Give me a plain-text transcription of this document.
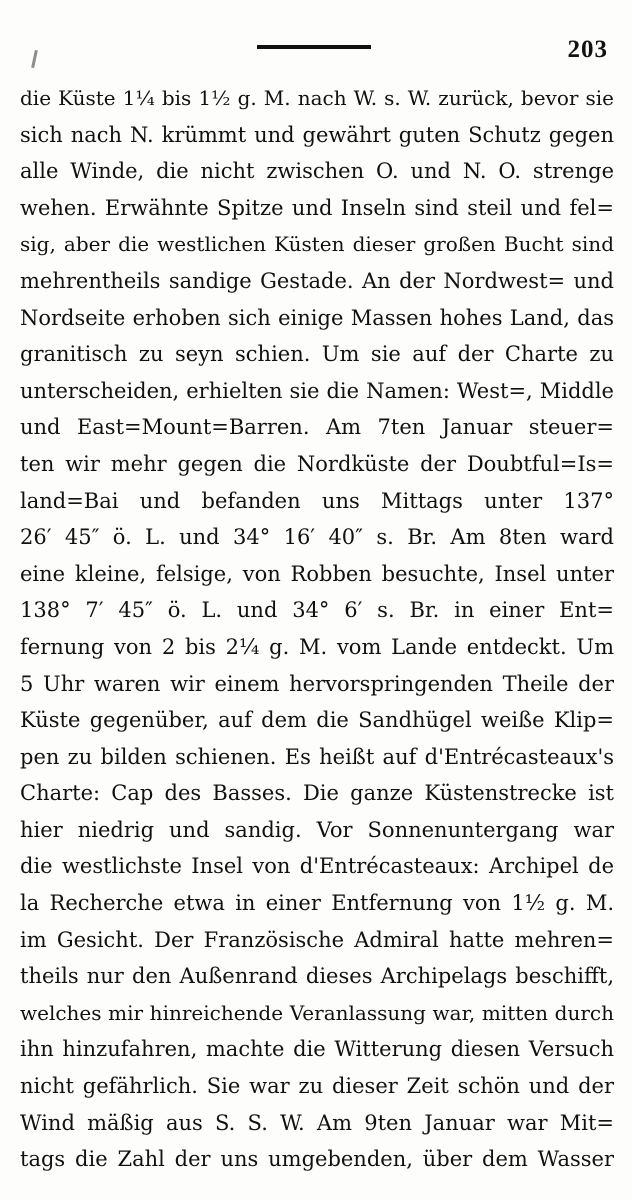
203
die Küste 1¼ bis 1½ g. M. nach W. s. W. zurück, bevor sie
sich nach N. krümmt und gewährt guten Schutz gegen
alle Winde, die nicht zwischen O. und N. O. strenge
wehen. Erwähnte Spitze und Inseln sind steil und fel=
sig, aber die westlichen Küsten dieser großen Bucht sind
mehrentheils sandige Gestade. An der Nordwest= und
Nordseite erhoben sich einige Massen hohes Land, das
granitisch zu seyn schien. Um sie auf der Charte zu
unterscheiden, erhielten sie die Namen: West=, Middle
und East=Mount=Barren. Am 7ten Januar steuer=
ten wir mehr gegen die Nordküste der Doubtful=Is=
land=Bai und befanden uns Mittags unter 137°
26′ 45″ ö. L. und 34° 16′ 40″ s. Br. Am 8ten ward
eine kleine, felsige, von Robben besuchte, Insel unter
138° 7′ 45″ ö. L. und 34° 6′ s. Br. in einer Ent=
fernung von 2 bis 2¼ g. M. vom Lande entdeckt. Um
5 Uhr waren wir einem hervorspringenden Theile der
Küste gegenüber, auf dem die Sandhügel weiße Klip=
pen zu bilden schienen. Es heißt auf d'Entrécasteaux's
Charte: Cap des Basses. Die ganze Küstenstrecke ist
hier niedrig und sandig. Vor Sonnenuntergang war
die westlichste Insel von d'Entrécasteaux: Archipel de
la Recherche etwa in einer Entfernung von 1½ g. M.
im Gesicht. Der Französische Admiral hatte mehren=
theils nur den Außenrand dieses Archipelags beschifft,
welches mir hinreichende Veranlassung war, mitten durch
ihn hinzufahren, machte die Witterung diesen Versuch
nicht gefährlich. Sie war zu dieser Zeit schön und der
Wind mäßig aus S. S. W. Am 9ten Januar war Mit=
tags die Zahl der uns umgebenden, über dem Wasser
